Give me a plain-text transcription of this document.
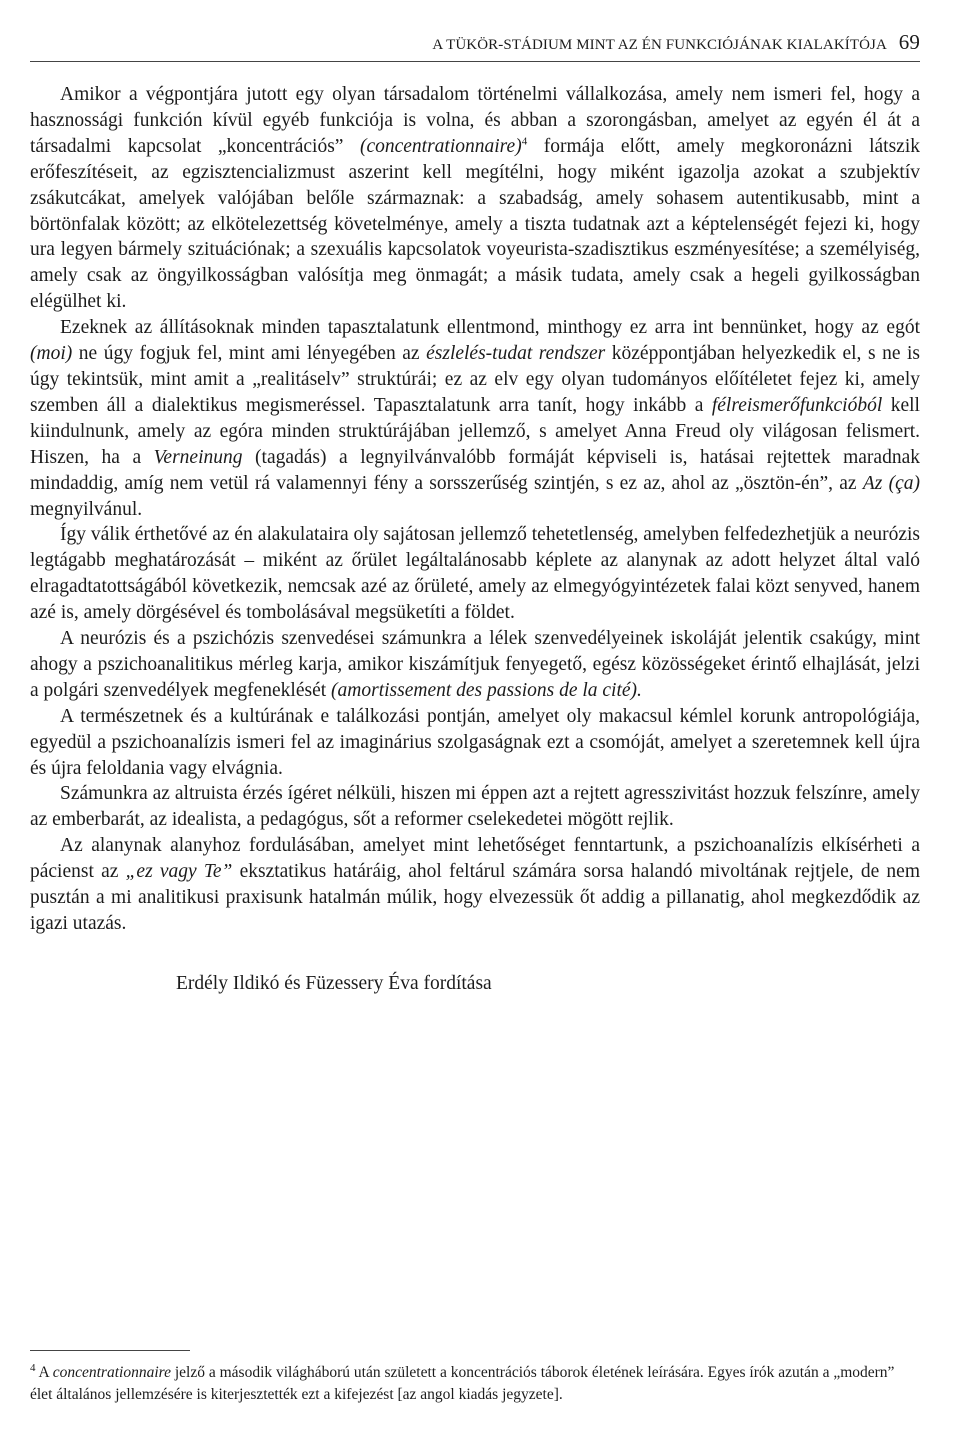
A TÜKÖR-STÁDIUM MINT AZ ÉN FUNKCIÓJÁNAK KIALAKÍTÓJA 69

Amikor a végpontjára jutott egy olyan társadalom történelmi vállalkozása, amely nem ismeri fel, hogy a hasznossági funkción kívül egyéb funkciója is volna, és abban a szorongásban, amelyet az egyén él át a társadalmi kapcsolat „koncentrációs” (concentrationnaire)$^4$ formája előtt, amely megkoronázni látszik erőfeszítéseit, az egzisztencializmust aszerint kell megítélni, hogy miként igazolja azokat a szubjektív zsákutcákat, amelyek valójában belőle származnak: a szabadság, amely sohasem autentikusabb, mint a börtönfalak között; az elkötelezettség követelménye, amely a tiszta tudatnak azt a képtelenségét fejezi ki, hogy ura legyen bármely szituációnak; a szexuális kapcsolatok voyeurista-szadisztikus eszményesítése; a személyiség, amely csak az öngyilkosságban valósítja meg önmagát; a másik tudata, amely csak a hegeli gyilkosságban elégülhet ki.

Ezeknek az állításoknak minden tapasztalatunk ellentmond, minthogy ez arra int bennünket, hogy az egót (moi) ne úgy fogjuk fel, mint ami lényegében az észlelés-tudat rendszer középpontjában helyezkedik el, s ne is úgy tekintsük, mint amit a „realitáselv” struktúrái; ez az elv egy olyan tudományos előítéletet fejez ki, amely szemben áll a dialektikus megismeréssel. Tapasztalatunk arra tanít, hogy inkább a félreismerőfunkcióból kell kiindulnunk, amely az egóra minden struktúrájában jellemző, s amelyet Anna Freud oly világosan felismert. Hiszen, ha a Verneinung (tagadás) a legnyilvánvalóbb formáját képviseli is, hatásai rejtettek maradnak mindaddig, amíg nem vetül rá valamennyi fény a sorsszerűség szintjén, s ez az, ahol az „ösztön-én”, az Az (ça) megnyilvánul.

Így válik érthetővé az én alakulataira oly sajátosan jellemző tehetetlenség, amelyben felfedezhetjük a neurózis legtágabb meghatározását – miként az őrület legáltalánosabb képlete az alanynak az adott helyzet által való elragadtatottságából következik, nemcsak azé az őrületé, amely az elmegyógyintézetek falai közt senyved, hanem azé is, amely dörgésével és tombolásával megsüketíti a földet.

A neurózis és a pszichózis szenvedései számunkra a lélek szenvedélyeinek iskoláját jelentik csakúgy, mint ahogy a pszichoanalitikus mérleg karja, amikor kiszámítjuk fenyegető, egész közösségeket érintő elhajlását, jelzi a polgári szenvedélyek megfeneklését (amortissement des passions de la cité).

A természetnek és a kultúrának e találkozási pontján, amelyet oly makacsul kémlel korunk antropológiája, egyedül a pszichoanalízis ismeri fel az imaginárius szolgaságnak ezt a csomóját, amelyet a szeretemnek kell újra és újra feloldania vagy elvágnia.

Számunkra az altruista érzés ígéret nélküli, hiszen mi éppen azt a rejtett agresszivitást hozzuk felszínre, amely az emberbarát, az idealista, a pedagógus, sőt a reformer cselekedetei mögött rejlik.

Az alanynak alanyhoz fordulásában, amelyet mint lehetőséget fenntartunk, a pszichoanalízis elkísérheti a pácienst az „ez vagy Te” eksztatikus határáig, ahol feltárul számára sorsa halandó mivoltának rejtjele, de nem pusztán a mi analitikusi praxisunk hatalmán múlik, hogy elvezessük őt addig a pillanatig, ahol megkezdődik az igazi utazás.

Erdély Ildikó és Füzessery Éva fordítása
$^4$ A concentrationnaire jelző a második világháború után született a koncentrációs táborok életének leírására. Egyes írók azután a „modern” élet általános jellemzésére is kiterjesztették ezt a kifejezést [az angol kiadás jegyzete].
